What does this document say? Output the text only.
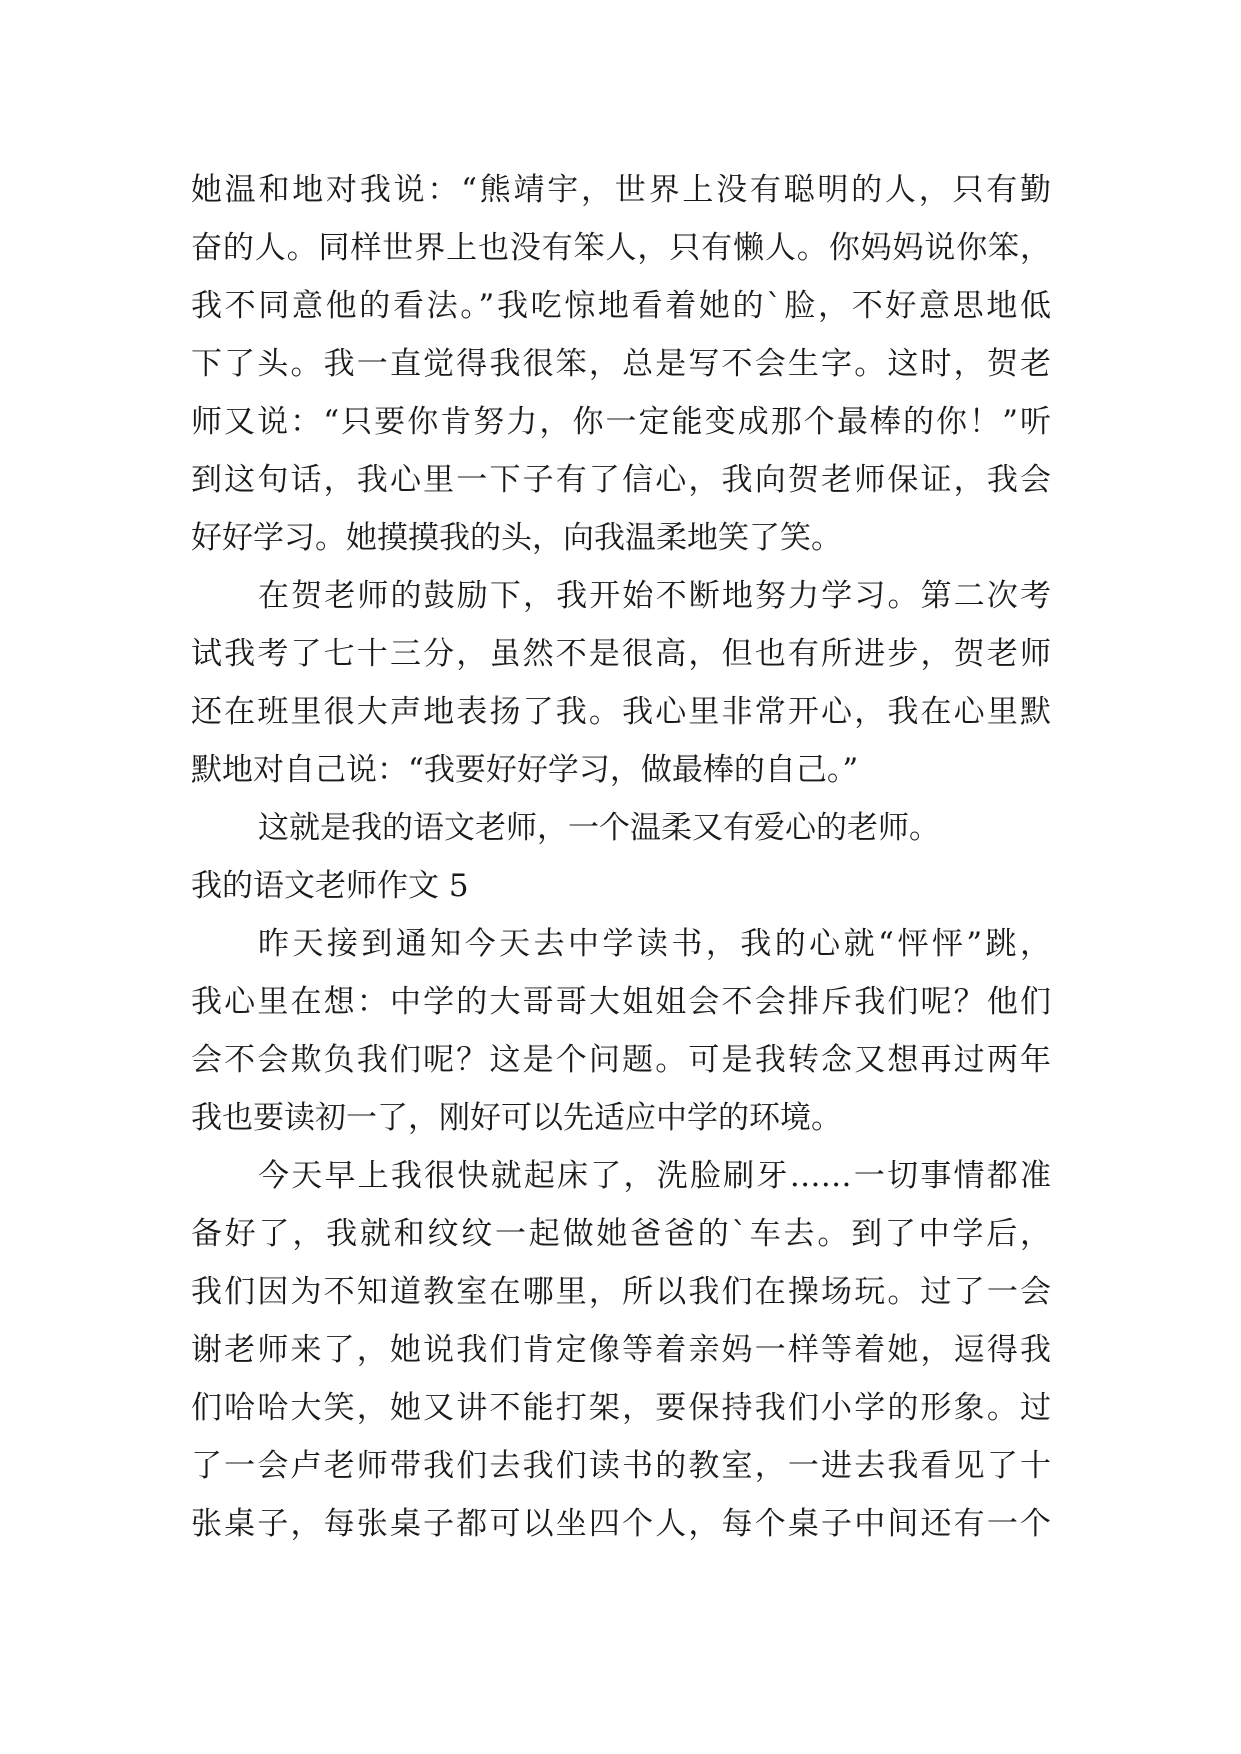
她温和地对我说：“熊靖宇，世界上没有聪明的人，只有勤
奋的人。同样世界上也没有笨人，只有懒人。你妈妈说你笨，
我不同意他的看法。”我吃惊地看着她的`脸，不好意思地低
下了头。我一直觉得我很笨，总是写不会生字。这时，贺老
师又说：“只要你肯努力，你一定能变成那个最棒的你！”听
到这句话，我心里一下子有了信心，我向贺老师保证，我会
好好学习。她摸摸我的头，向我温柔地笑了笑。
在贺老师的鼓励下，我开始不断地努力学习。第二次考
试我考了七十三分，虽然不是很高，但也有所进步，贺老师
还在班里很大声地表扬了我。我心里非常开心，我在心里默
默地对自己说：“我要好好学习，做最棒的自己。”
这就是我的语文老师，一个温柔又有爱心的老师。
我的语文老师作文 5
昨天接到通知今天去中学读书，我的心就“怦怦”跳，
我心里在想：中学的大哥哥大姐姐会不会排斥我们呢？他们
会不会欺负我们呢？这是个问题。可是我转念又想再过两年
我也要读初一了，刚好可以先适应中学的环境。
今天早上我很快就起床了，洗脸刷牙……一切事情都准
备好了，我就和纹纹一起做她爸爸的`车去。到了中学后，
我们因为不知道教室在哪里，所以我们在操场玩。过了一会
谢老师来了，她说我们肯定像等着亲妈一样等着她，逗得我
们哈哈大笑，她又讲不能打架，要保持我们小学的形象。过
了一会卢老师带我们去我们读书的教室，一进去我看见了十
张桌子，每张桌子都可以坐四个人，每个桌子中间还有一个
